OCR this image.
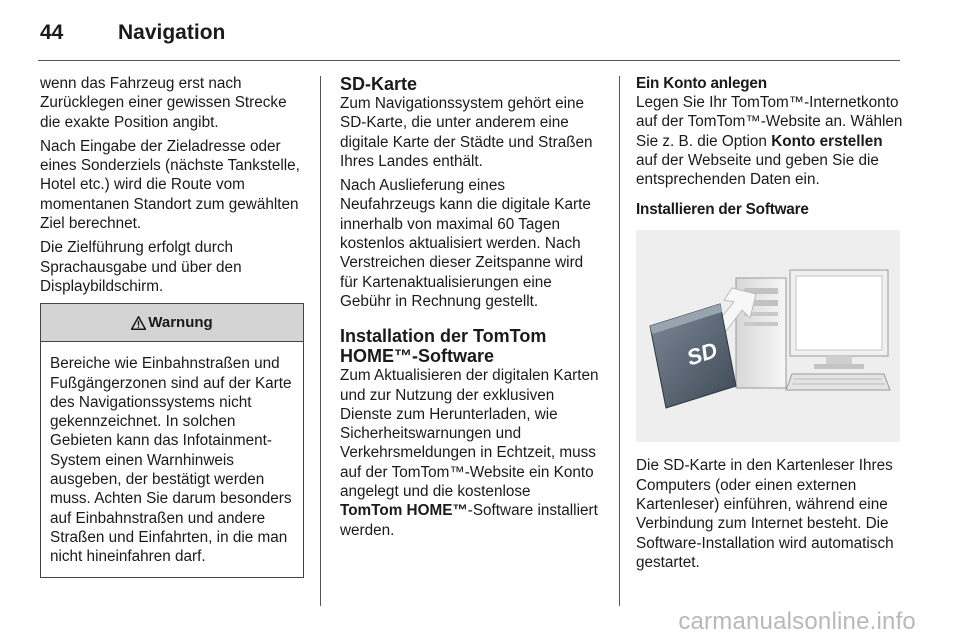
44	Navigation

wenn das Fahrzeug erst nach Zurücklegen einer gewissen Strecke die exakte Position angibt.

Nach Eingabe der Zieladresse oder eines Sonderziels (nächste Tankstelle, Hotel etc.) wird die Route vom momentanen Standort zum gewählten Ziel berechnet.

Die Zielführung erfolgt durch Sprachausgabe und über den Displaybildschirm.

Warnung
Bereiche wie Einbahnstraßen und Fußgängerzonen sind auf der Karte des Navigationssystems nicht gekennzeichnet. In solchen Gebieten kann das Infotainment-System einen Warnhinweis ausgeben, der bestätigt werden muss. Achten Sie darum besonders auf Einbahnstraßen und andere Straßen und Einfahrten, in die man nicht hineinfahren darf.
SD-Karte

Zum Navigationssystem gehört eine SD-Karte, die unter anderem eine digitale Karte der Städte und Straßen Ihres Landes enthält.

Nach Auslieferung eines Neufahrzeugs kann die digitale Karte innerhalb von maximal 60 Tagen kostenlos aktualisiert werden. Nach Verstreichen dieser Zeitspanne wird für Kartenaktualisierungen eine Gebühr in Rechnung gestellt.

Installation der TomTom HOME™-Software

Zum Aktualisieren der digitalen Karten und zur Nutzung der exklusiven Dienste zum Herunterladen, wie Sicherheitswarnungen und Verkehrsmeldungen in Echtzeit, muss auf der TomTom™-Website ein Konto angelegt und die kostenlose
TomTom HOME™-Software installiert werden.

Ein Konto anlegen

Legen Sie Ihr TomTom™-Internetkonto auf der TomTom™-Website an. Wählen Sie z. B. die Option Konto erstellen auf der Webseite und geben Sie die entsprechenden Daten ein.

Installieren der Software
SD

Die SD-Karte in den Kartenleser Ihres Computers (oder einen externen Kartenleser) einführen, während eine Verbindung zum Internet besteht. Die Software-Installation wird automatisch gestartet.

carmanualsonline.info
